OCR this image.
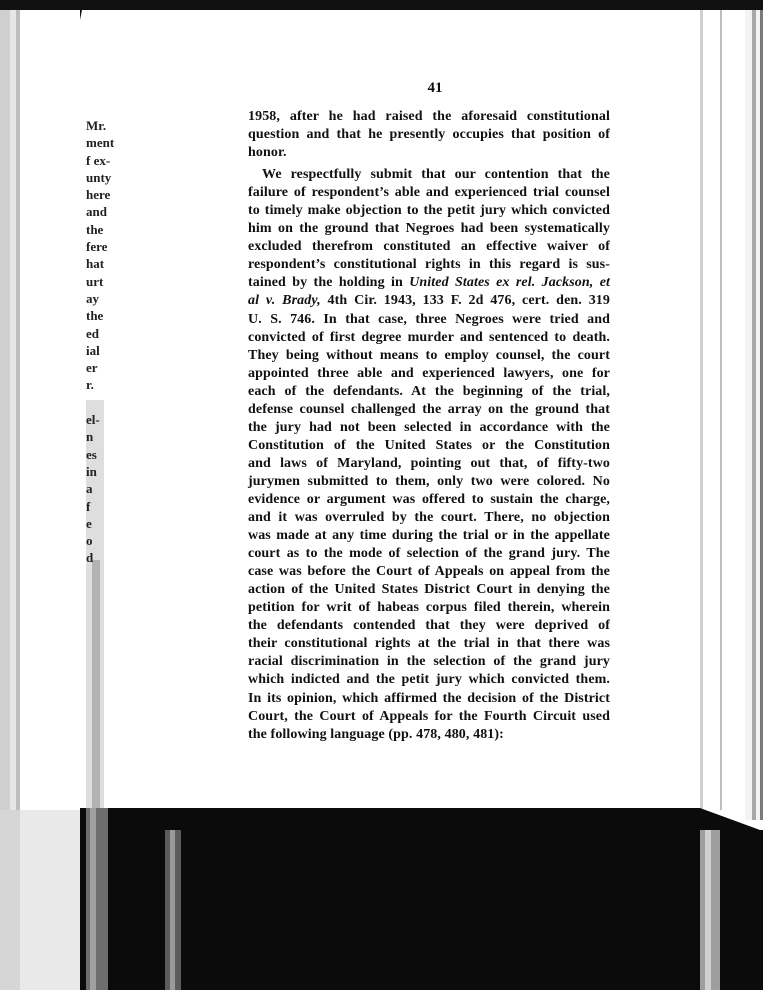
41
Mr.
ment
f ex-
unty
here
and
the
fere
hat
urt
ay
the
ed
ial
er
r.
el-
n
es
in
a
f
e
o
d
1958, after he had raised the aforesaid constitutional
question and that he presently occupies that position of
honor.
We respectfully submit that our contention that the
failure of respondent’s able and experienced trial counsel
to timely make objection to the petit jury which convicted
him on the ground that Negroes had been systematically
excluded therefrom constituted an effective waiver of
respondent’s constitutional rights in this regard is sus-
tained by the holding in United States ex rel. Jackson, et
al v. Brady, 4th Cir. 1943, 133 F. 2d 476, cert. den. 319
U. S. 746. In that case, three Negroes were tried and
convicted of first degree murder and sentenced to death.
They being without means to employ counsel, the court
appointed three able and experienced lawyers, one for
each of the defendants. At the beginning of the trial,
defense counsel challenged the array on the ground that
the jury had not been selected in accordance with the
Constitution of the United States or the Constitution
and laws of Maryland, pointing out that, of fifty-two
jurymen submitted to them, only two were colored. No
evidence or argument was offered to sustain the charge,
and it was overruled by the court. There, no objection
was made at any time during the trial or in the appellate
court as to the mode of selection of the grand jury. The
case was before the Court of Appeals on appeal from the
action of the United States District Court in denying the
petition for writ of habeas corpus filed therein, wherein
the defendants contended that they were deprived of
their constitutional rights at the trial in that there was
racial discrimination in the selection of the grand jury
which indicted and the petit jury which convicted them.
In its opinion, which affirmed the decision of the District
Court, the Court of Appeals for the Fourth Circuit used
the following language (pp. 478, 480, 481):
